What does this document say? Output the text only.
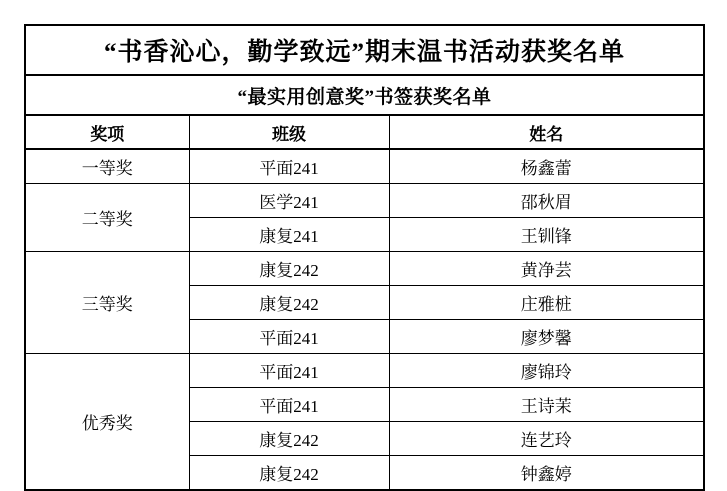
“书香沁心，勤学致远”期末温书活动获奖名单		
“最实用创意奖”书签获奖名单		
奖项	班级	姓名
一等奖	平面241	杨鑫蕾
二等奖	医学241	邵秋眉
	康复241	王钏锋
三等奖	康复242	黄净芸
	康复242	庄雅桩
	平面241	廖梦馨
优秀奖	平面241	廖锦玲
	平面241	王诗茉
	康复242	连艺玲
	康复242	钟鑫婷
